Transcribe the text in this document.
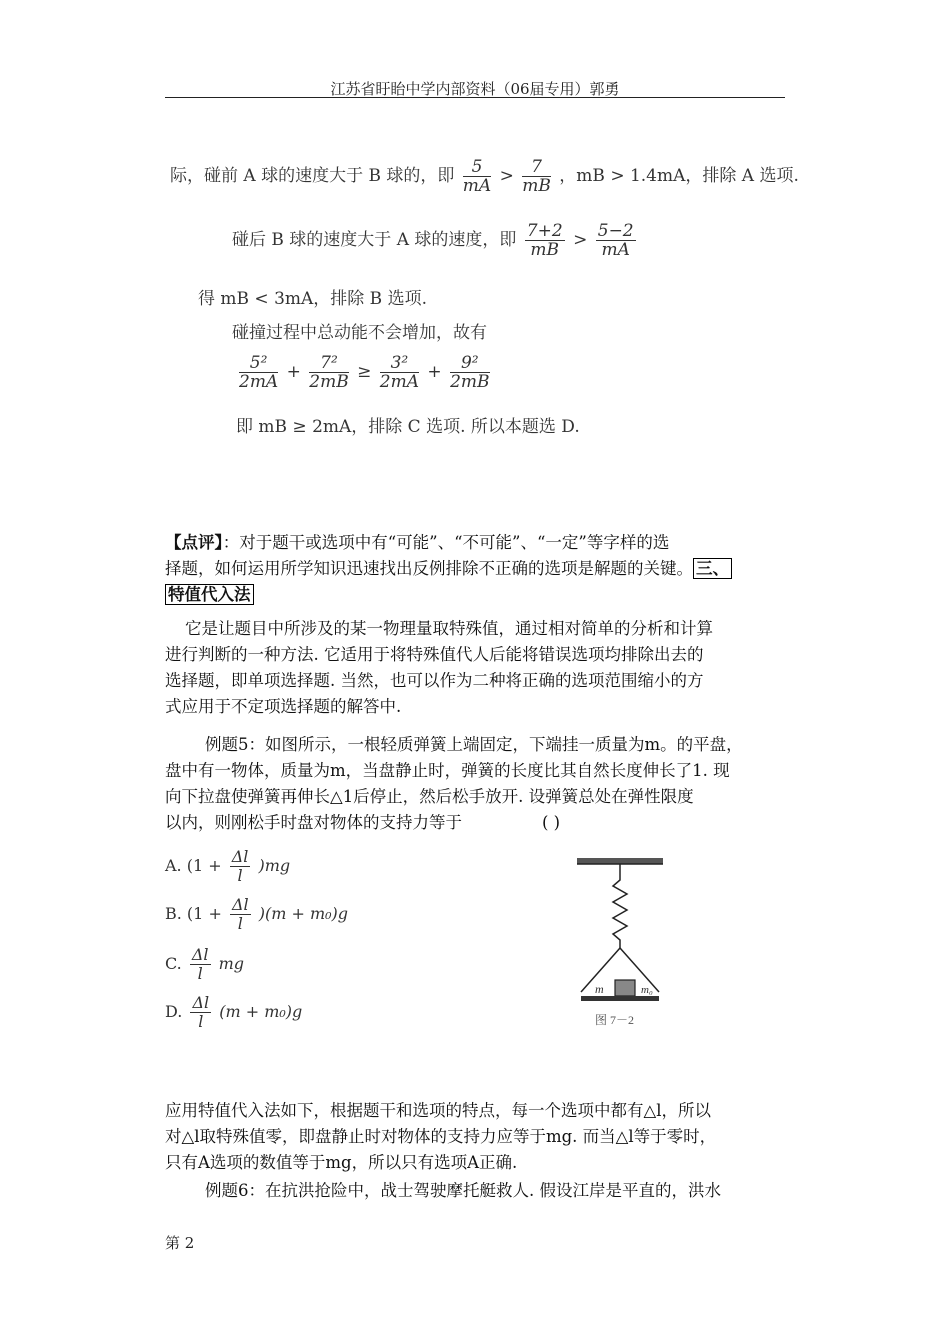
江苏省盱眙中学内部资料（06届专用）郭勇
际，碰前 A 球的速度大于 B 球的，即 $\frac{5}{mA} > \frac{7}{mB}$ ，mB > 1.4mA，排除 A 选项.
碰后 B 球的速度大于 A 球的速度，即 $\frac{7+2}{mB} > \frac{5-2}{mA}$
得 mB < 3mA，排除 B 选项.
碰撞过程中总动能不会增加，故有
$\frac{\text{5²}}{2mA} + \frac{\text{7²}}{2mB} \ge \frac{\text{3²}}{2mA} + \frac{\text{9²}}{2mB}$
即 mB ≥ 2mA，排除 C 选项. 所以本题选 D.
【点评】：对于题干或选项中有“可能”、“不可能”、“一定”等字样的选
择题，如何运用所学知识迅速找出反例排除不正确的选项是解题的关键。 三、
特值代入法
它是让题目中所涉及的某一物理量取特殊值，通过相对简单的分析和计算
进行判断的一种方法. 它适用于将特殊值代人后能将错误选项均排除出去的
选择题，即单项选择题. 当然，也可以作为二种将正确的选项范围缩小的方
式应用于不定项选择题的解答中.
例题5：如图所示，一根轻质弹簧上端固定，下端挂一质量为m。的平盘，
盘中有一物体，质量为m，当盘静止时，弹簧的长度比其自然长度伸长了1. 现
向下拉盘使弹簧再伸长△1后停止，然后松手放开. 设弹簧总处在弹性限度
以内，则刚松手时盘对物体的支持力等于	( )
A. $(1 + \frac{\Delta l}{l} )mg$
B. $(1 + \frac{\Delta l}{l} )(m + m_0)g$
C. $\frac{\Delta l}{l}$ mg
D. $\frac{\Delta l}{l} (m + m_0)g$
m	m₀
图 7－2
应用特值代入法如下，根据题干和选项的特点，每一个选项中都有△l，所以
对△l取特殊值零，即盘静止时对物体的支持力应等于mg. 而当△l等于零时，
只有A选项的数值等于mg，所以只有选项A正确.
例题6：在抗洪抢险中，战士驾驶摩托艇救人. 假设江岸是平直的，洪水
第 2
